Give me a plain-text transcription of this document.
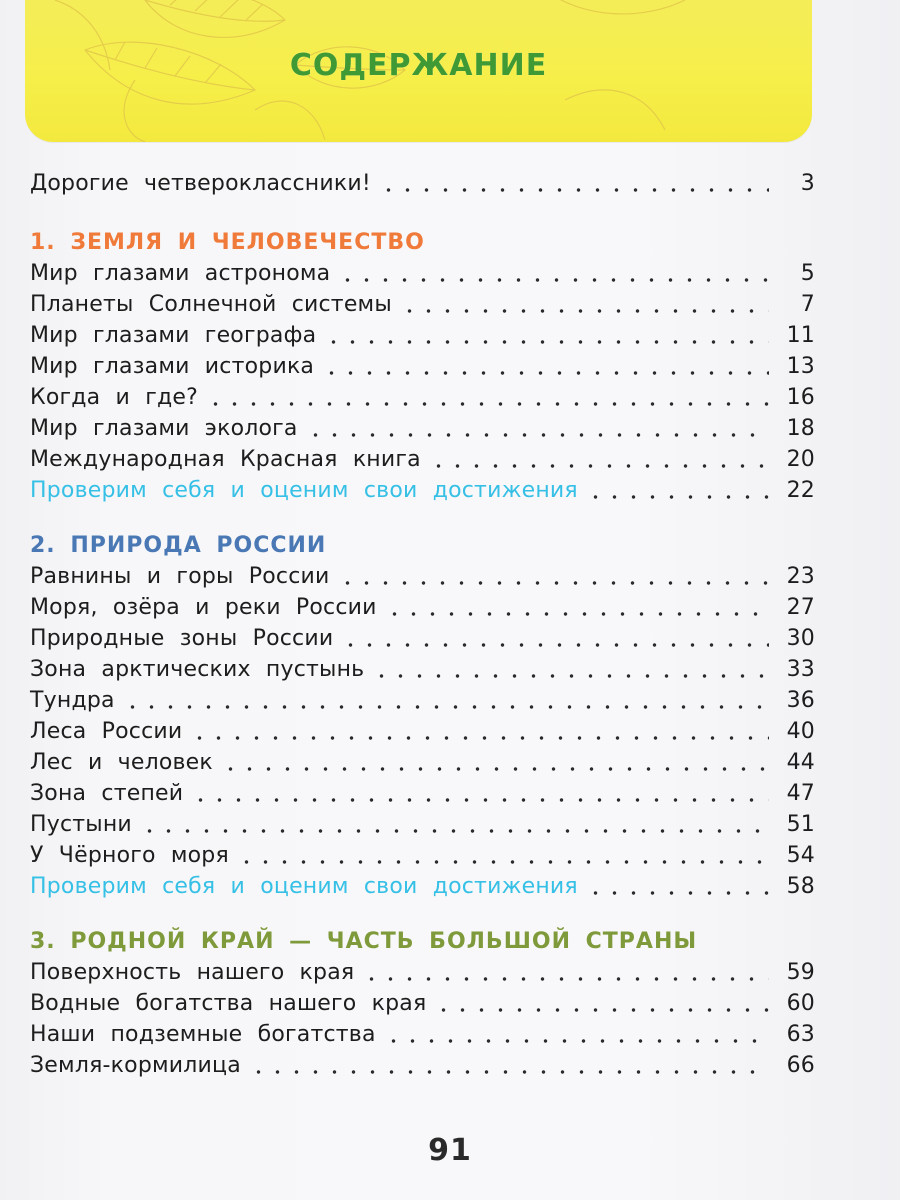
СОДЕРЖАНИЕ
Дорогие четвероклассники!	3
1. ЗЕМЛЯ И ЧЕЛОВЕЧЕСТВО
Мир глазами астронома	5
Планеты Солнечной системы	7
Мир глазами географа	11
Мир глазами историка	13
Когда и где?	16
Мир глазами эколога	18
Международная Красная книга	20
Проверим себя и оценим свои достижения	22
2. ПРИРОДА РОССИИ
Равнины и горы России	23
Моря, озёра и реки России	27
Природные зоны России	30
Зона арктических пустынь	33
Тундра	36
Леса России	40
Лес и человек	44
Зона степей	47
Пустыни	51
У Чёрного моря	54
Проверим себя и оценим свои достижения	58
3. РОДНОЙ КРАЙ — ЧАСТЬ БОЛЬШОЙ СТРАНЫ
Поверхность нашего края	59
Водные богатства нашего края	60
Наши подземные богатства	63
Земля-кормилица	66
91
